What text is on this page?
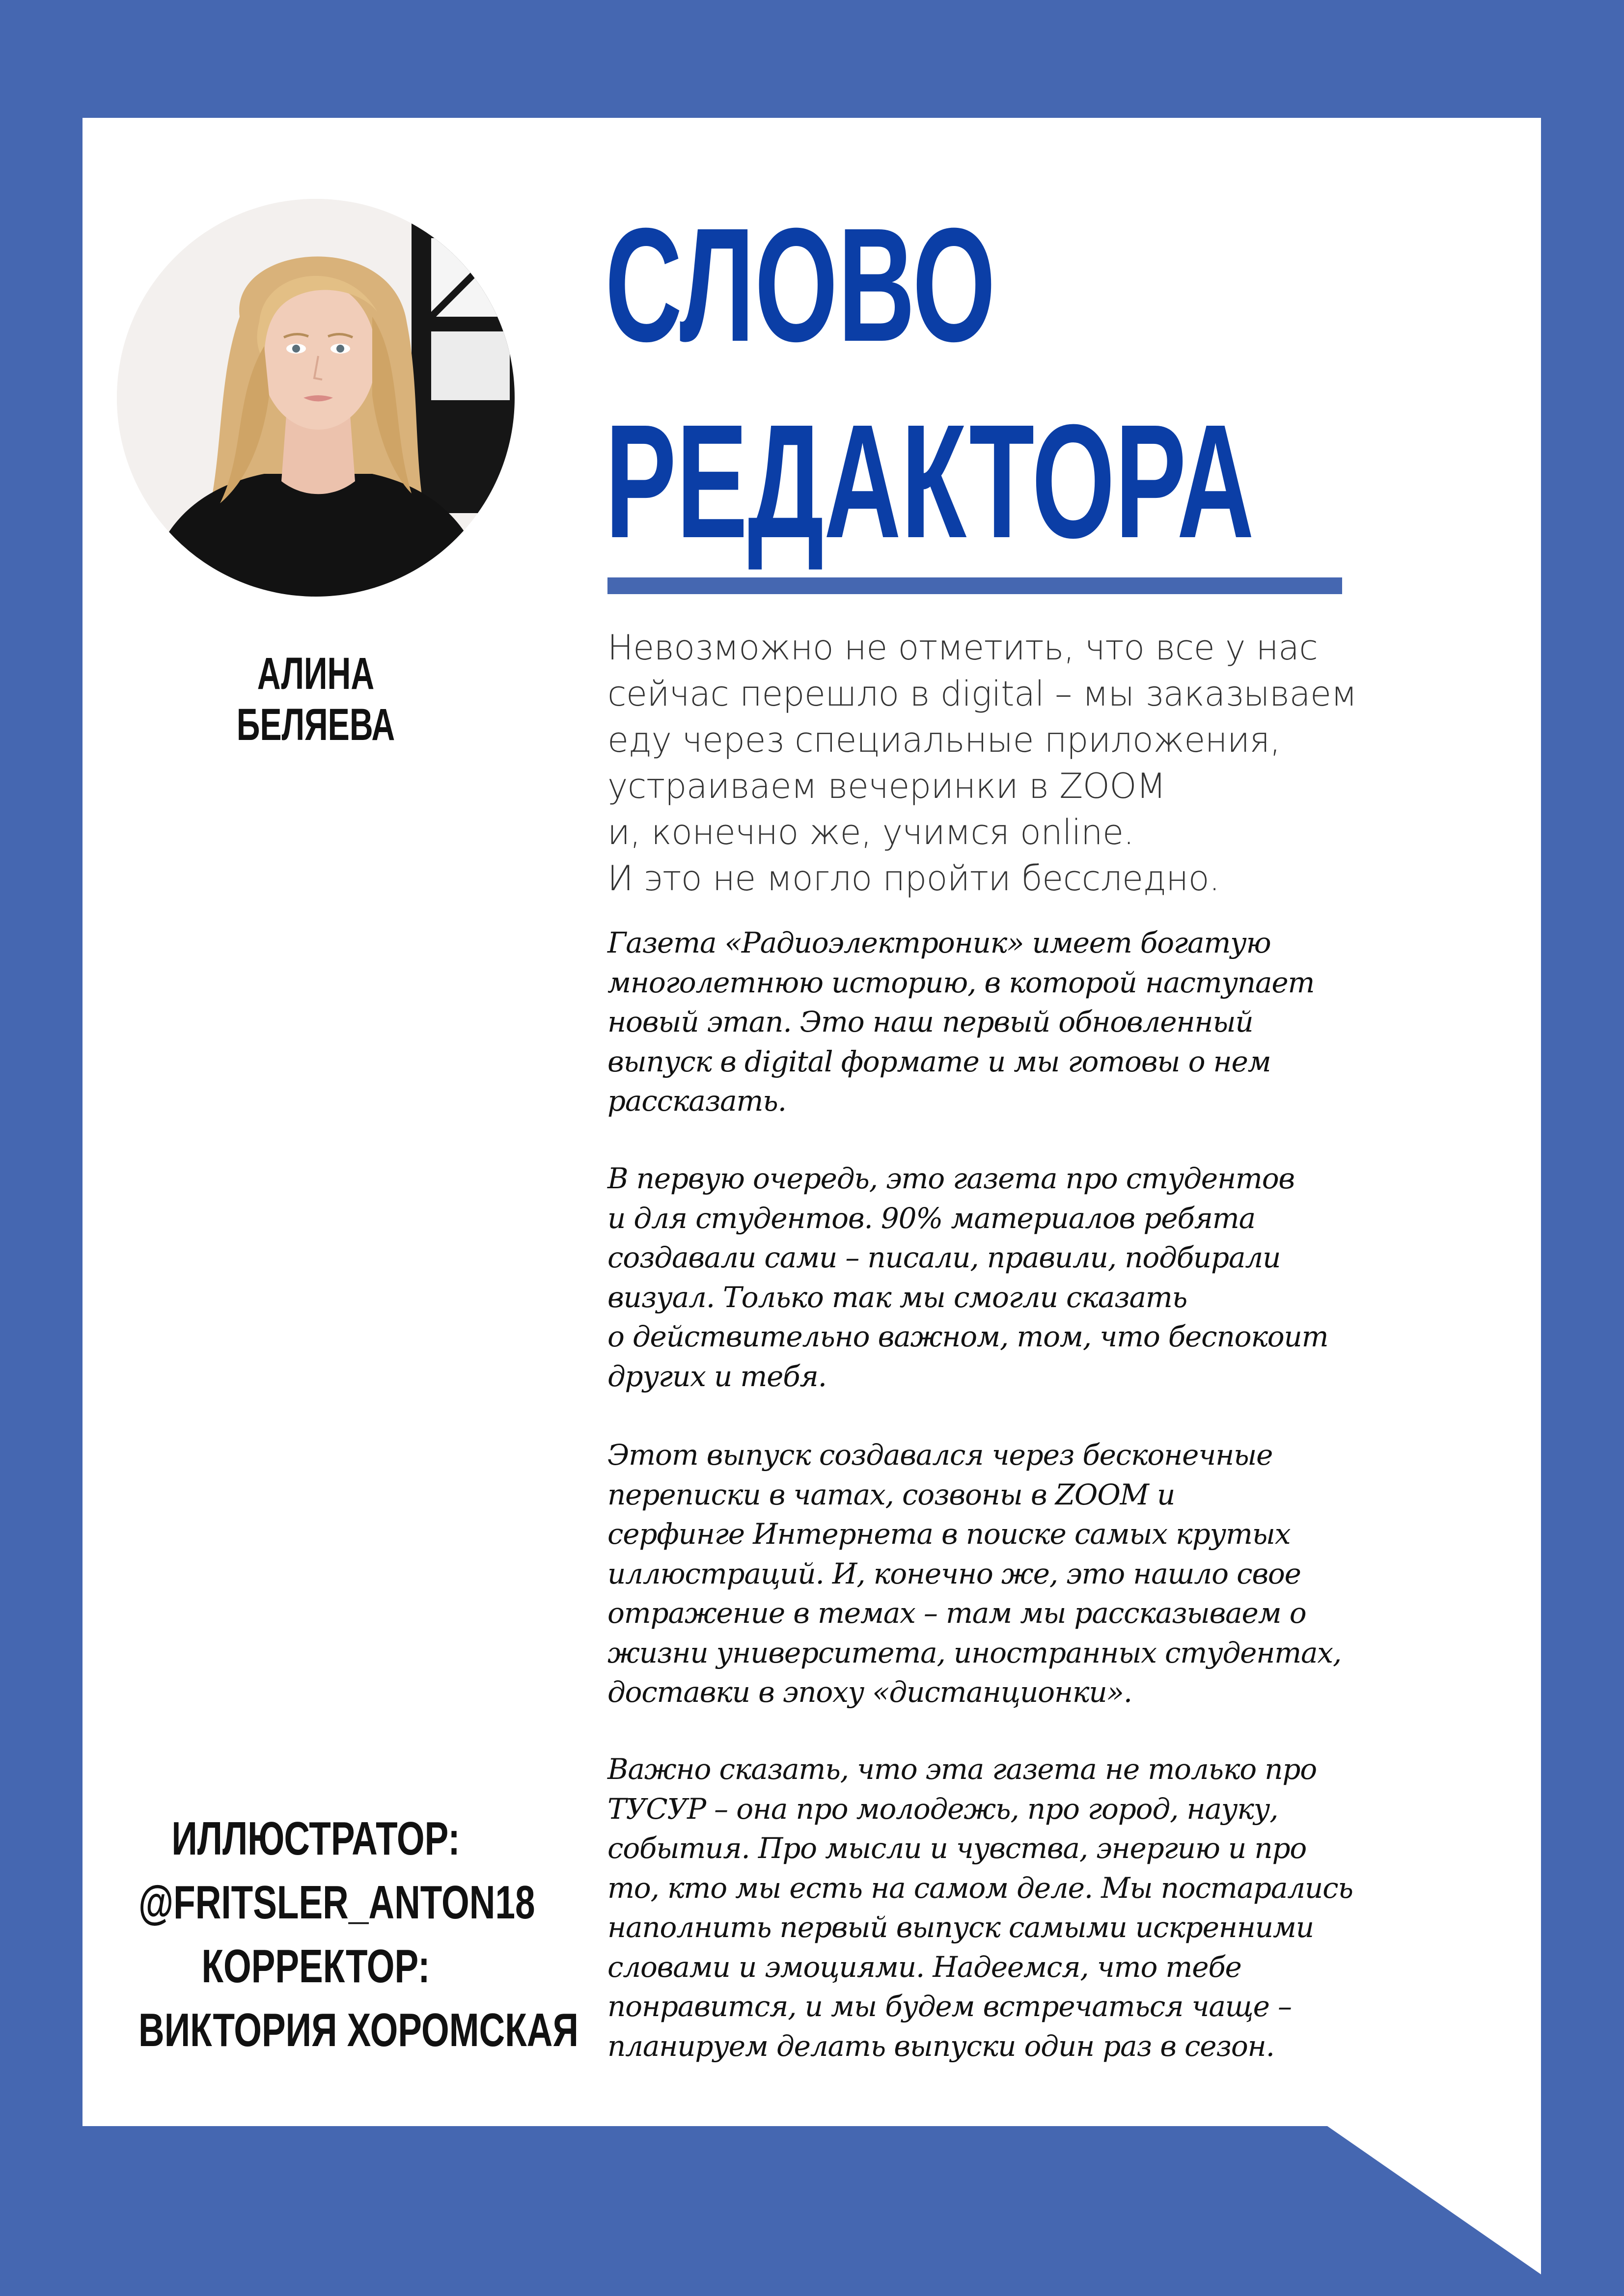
АЛИНА
БЕЛЯЕВА
СЛОВО
РЕДАКТОРА
Невозможно не отметить, что все у нас
сейчас перешло в digital – мы заказываем
еду через специальные приложения,
устраиваем вечеринки в ZOOM
и, конечно же, учимся online.
И это не могло пройти бесследно.
Газета «Радиоэлектроник» имеет богатую
многолетнюю историю, в которой наступает
новый этап. Это наш первый обновленный
выпуск в digital формате и мы готовы о нем
рассказать.
В первую очередь, это газета про студентов
и для студентов. 90% материалов ребята
создавали сами – писали, правили, подбирали
визуал. Только так мы смогли сказать
о действительно важном, том, что беспокоит
других и тебя.
Этот выпуск создавался через бесконечные
переписки в чатах, созвоны в ZOOM и
серфинге Интернета в поиске самых крутых
иллюстраций. И, конечно же, это нашло свое
отражение в темах – там мы рассказываем о
жизни университета, иностранных студентах,
доставки в эпоху «дистанционки».
Важно сказать, что эта газета не только про
ТУСУР – она про молодежь, про город, науку,
события. Про мысли и чувства, энергию и про
то, кто мы есть на самом деле. Мы постарались
наполнить первый выпуск самыми искренними
словами и эмоциями. Надеемся, что тебе
понравится, и мы будем встречаться чаще –
планируем делать выпуски один раз в сезон.
ИЛЛЮСТРАТОР:
@FRITSLER_ANTON18
КОРРЕКТОР:
ВИКТОРИЯ ХОРОМСКАЯ
